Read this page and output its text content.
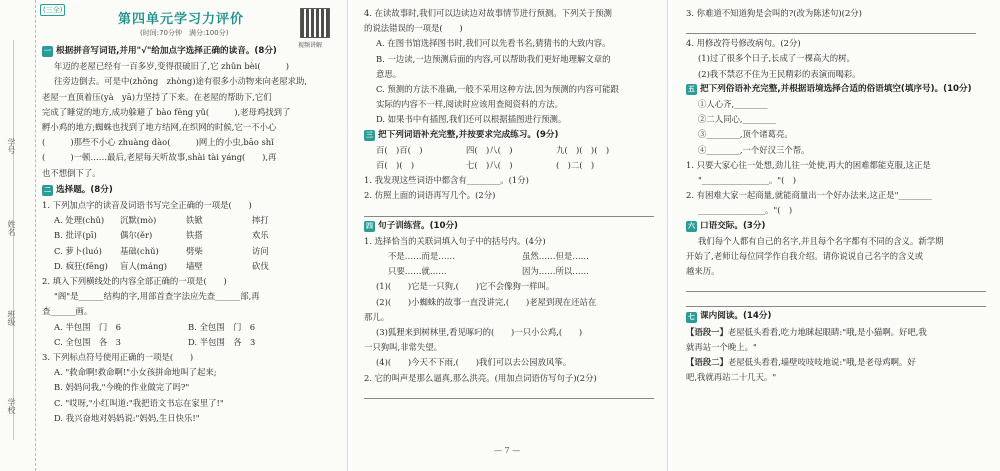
学号
姓名
班级
学校
(三全)
第四单元学习力评价
(时间:70分钟　满分:100分)
视频讲解
一 根据拼音写词语,并用"√"给加点字选择正确的读音。(8分)
年迈的老屋已经有一百多岁,变得很破旧了,它 zhǔn bèi(　　　)
往旁边倒去。可是中(zhōng　zhòng)途有很多小动物来向老屋求助,
老屋一直顶着压(yà　yā)力坚持了下来。在老屋的帮助下,它们
完成了睡觉的地方,成功躲避了 bào fēng yǔ(　　　),老母鸡找到了
孵小鸡的地方;蜘蛛也找到了地方结网,在织网的时候,它一不小心
(　　　)那些不小心 zhuàng dào(　　　)网上的小虫,bāo shǐ
(　　　)一顿……最后,老屋每天听故事,shài tài yáng(　　),再
也不想倒下了。
二 选择题。(8分)
1. 下列加点字的读音及词语书写完全正确的一项是(　　)
A. 处理(chǔ) 沉默(mò)	铁锨	摔打
B. 批评(pī)	偶尔(ěr)	铁搭	欢乐
C. 萝卜(luó) 基础(chǔ)	劈柴	访问
D. 疯狂(fēng) 盲人(máng) 墙壁	砍伐
2. 填入下列横线处的内容全部正确的一项是(　　)
"阁"是______结构的字,用部首查字法应先查______部,再
查______画。
A. 半包围　门　6	B. 全包围　门　6
C. 全包围　各　3	D. 半包围　各　3
3. 下列标点符号使用正确的一项是(　　)
A. "救命啊!救命啊!"小女孩拼命地叫了起来;
B. 妈妈问我,"今晚的作业做完了吗?"
C. "哎呀,"小红叫道:"我把语文书忘在家里了!"
D. 我兴奋地对妈妈说:"妈妈,生日快乐!"
4. 在读故事时,我们可以边读边对故事情节进行预测。下列关于预测
的说法错误的一项是(　　)
A. 在图书馆选择图书时,我们可以先看书名,猜猜书的大致内容。
B. 一边读,一边预测后面的内容,可以帮助我们更好地理解文章的
意思。
C. 预测的方法不准确,一般不采用这种方法,因为预测的内容可能跟
实际的内容不一样,阅读时应该用查阅资料的方法。
D. 如果书中有插图,我们还可以根据插图进行预测。
三 把下列词语补充完整,并按要求完成练习。(9分)
百(　)百(　)	四(　)八(　)	九(　)(　)(　)
百(　)(　)	七(　)八(　)	(　)二(　)
1. 我发现这些词语中都含有________。(1分)
2. 仿照上面的词语再写几个。(2分)
四 句子训练营。(10分)
1. 选择恰当的关联词填入句子中的括号内。(4分)
不是……而是……	虽然……但是……
只要……就……	因为……所以……
(1)(　　)它是一只狗,(　　)它不会像狗一样叫。
(2)(　　)小蜘蛛的故事一直没讲完,(　　)老屋到现在还站在
那儿。
(3)狐狸来到树林里,看见啄叼的(　　)一只小公鸡,(　　)
一只狗叫,非常失望。
(4)(　　)今天不下雨,(　　)我们可以去公园放风筝。
2. 它的叫声是那么逼真,那么洪亮。(用加点词语仿写句子)(2分)
— 7 —
3. 你难道不知道狗是会叫的?(改为陈述句)(2分)
4. 用修改符号修改病句。(2分)
(1)过了很多个日子,长成了一棵高大的树。
(2)我不禁忍不住为王民精彩的表演而喝彩。
五 把下列俗语补充完整,并根据语境选择合适的俗语填空(填序号)。(10分)
①人心齐,________
②二人同心,________
③________,顶个诸葛亮。
④________,一个好汉三个帮。
1. 只要大家心往一处想,劲儿往一处使,再大的困难都能克服,这正是
"________________。"(　)
2. 有困难大家一起商量,就能商量出一个好办法来,这正是"________
________________。"(　)
六 口语交际。(3分)
我们每个人都有自己的名字,并且每个名字都有不同的含义。新学期
开始了,老师让每位同学作自我介绍。请你说说自己名字的含义或
越来历。
七 课内阅读。(14分)
【语段一】老屋低头看看,吃力地眯起眼睛:"哦,是小猫啊。好吧,我
就再站一个晚上。"
【语段二】老屋低头看看,墙壁吱吱吱地说:"哦,是老母鸡啊。好
吧,我就再站二十几天。"
